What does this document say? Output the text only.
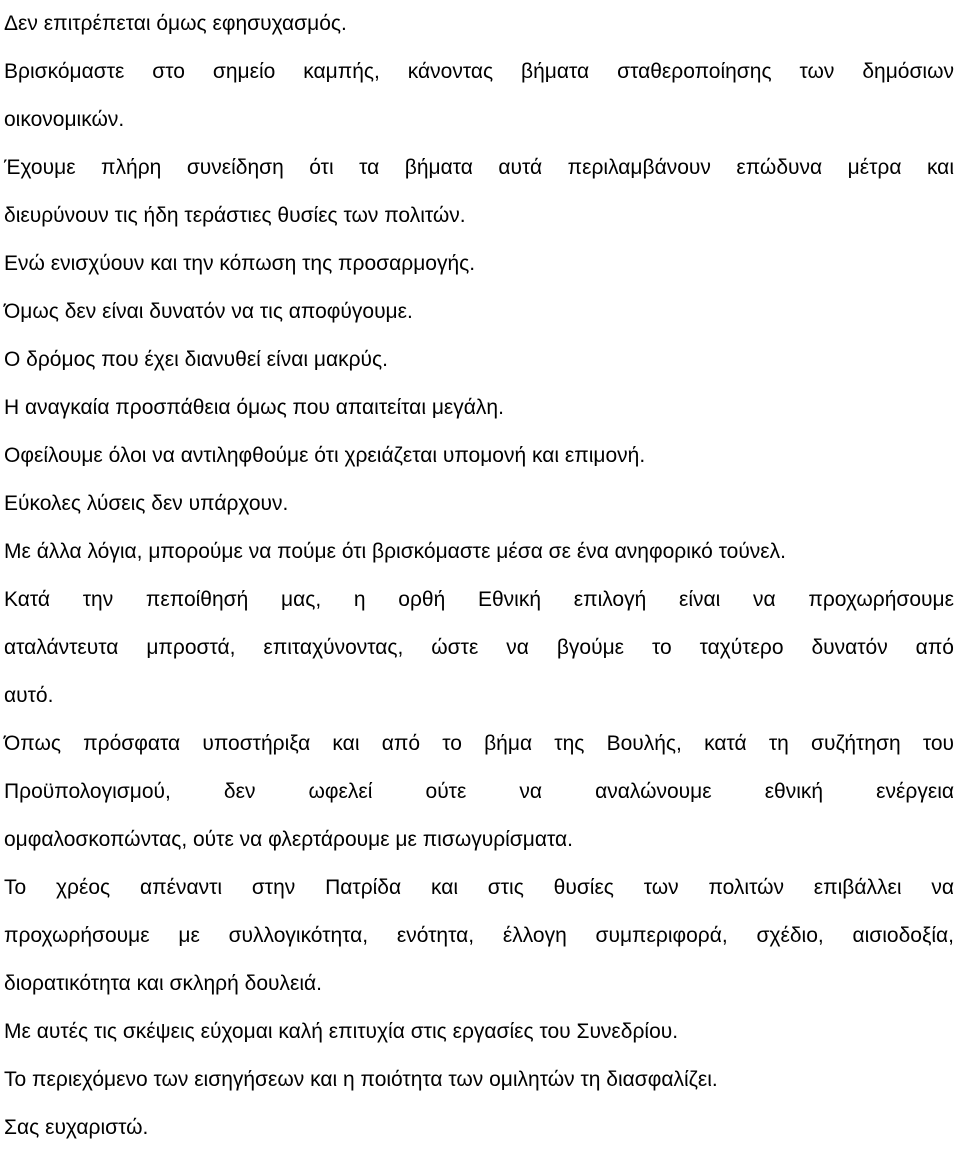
Δεν επιτρέπεται όμως εφησυχασμός.
Βρισκόμαστε στο σημείο καμπής, κάνοντας βήματα σταθεροποίησης των δημόσιων
οικονομικών.
Έχουμε πλήρη συνείδηση ότι τα βήματα αυτά περιλαμβάνουν επώδυνα μέτρα και
διευρύνουν τις ήδη τεράστιες θυσίες των πολιτών.
Ενώ ενισχύουν και την κόπωση της προσαρμογής.
Όμως δεν είναι δυνατόν να τις αποφύγουμε.
Ο δρόμος που έχει διανυθεί είναι μακρύς.
Η αναγκαία προσπάθεια όμως που απαιτείται μεγάλη.
Οφείλουμε όλοι να αντιληφθούμε ότι χρειάζεται υπομονή και επιμονή.
Εύκολες λύσεις δεν υπάρχουν.
Με άλλα λόγια, μπορούμε να πούμε ότι βρισκόμαστε μέσα σε ένα ανηφορικό τούνελ.
Κατά την πεποίθησή μας, η ορθή Εθνική επιλογή είναι να προχωρήσουμε
αταλάντευτα μπροστά, επιταχύνοντας, ώστε να βγούμε το ταχύτερο δυνατόν από
αυτό.
Όπως πρόσφατα υποστήριξα και από το βήμα της Βουλής, κατά τη συζήτηση του
Προϋπολογισμού, δεν ωφελεί ούτε να αναλώνουμε εθνική ενέργεια
ομφαλοσκοπώντας, ούτε να φλερτάρουμε με πισωγυρίσματα.
Το χρέος απέναντι στην Πατρίδα και στις θυσίες των πολιτών επιβάλλει να
προχωρήσουμε με συλλογικότητα, ενότητα, έλλογη συμπεριφορά, σχέδιο, αισιοδοξία,
διορατικότητα και σκληρή δουλειά.
Με αυτές τις σκέψεις εύχομαι καλή επιτυχία στις εργασίες του Συνεδρίου.
Το περιεχόμενο των εισηγήσεων και η ποιότητα των ομιλητών τη διασφαλίζει.
Σας ευχαριστώ.
